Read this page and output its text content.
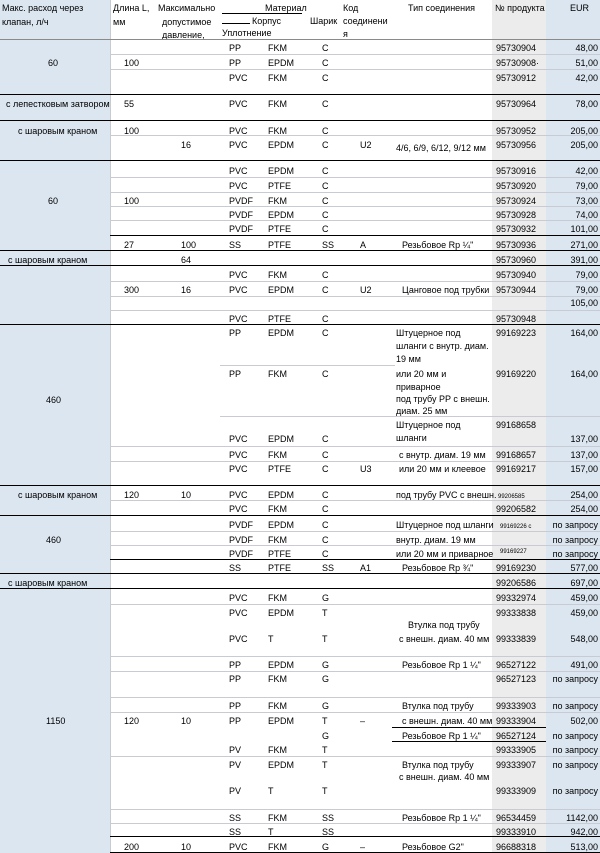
Макс. расход через
клапан, л/ч
Длина L,
мм
Максимально
допустимое
давление,
Материал
Корпус
Уплотнение
Шарик
Код
соединени
я
Тип соединения № продукта	EUR
60
с лепестковым затвором
с шаровым краном
60
с шаровым краном
460
с шаровым краном
460
с шаровым краном
1150
PP	FKM	C	95730904	48,00
100	PP	EPDM	C	95730908·	51,00
PVC FKM	C	95730912	42,00
55	PVC FKM	C	95730964	78,00
100	PVC FKM	C	95730952	205,00
16	PVC EPDM	C	U2	95730956	205,00
PVC EPDM	C	95730916	42,00
PVC PTFE	C	95730920	79,00
100	PVDF FKM	C	95730924	73,00
PVDF EPDM	C	95730928	74,00
PVDF PTFE	C	95730932	101,00
27	100	SS	PTFE	SS	A	95730936
Резьбовое Rp ¼"	271,00
64	95730960	391,00
PVC FKM	C	95730940	79,00
300	16	PVC EPDM	C	U2	95730944
Цанговое под трубки	79,00
PVC PTFE	C	95730948
PP	EPDM	C	99169223	164,00
PP	FKM	C	99169220	164,00
99168658
PVC EPDM	C	137,00
PVC FKM	C	99168657	137,00
PVC PTFE	C	U3	99169217	157,00
120	10	PVC EPDM	C	254,00
PVC FKM	C	99206582	254,00
PVDF EPDM	C	по запросу
PVDF FKM	C	по запросу
PVDF PTFE	C	по запросу
SS	PTFE	SS	A1	99169230
Резьбовое Rp ¾"	577,00
99206586	697,00
PVC FKM	G	99332974	459,00
PVC EPDM	T	99333838	459,00
PVC T	T	99333839	548,00
PP	EPDM	G	96527122
Резьбовое Rp 1 ¼"	491,00
PP	FKM	G	96527123	по запросу
PP	FKM	G	99333903
Втулка под трубу	по запросу
120	10	PP	EPDM	T	–	99333904
с внешн. диам. 40 мм	502,00
G	96527124
Резьбовое Rp 1 ¼"	по запросу
PV	FKM	T	99333905	по запросу
PV	EPDM	T	99333907
Втулка под трубу	по запросу
PV	T	T	99333909	по запросу
SS	FKM	SS	96534459
Резьбовое Rp 1 ¼"	1142,00
SS	T	SS	99333910	942,00
200	10	PVC FKM	G	–	96688318
Резьбовое G2"	513,00
4/6, 6/9, 6/12, 9/12 мм
105,00
Штуцерное под
шланги с внутр. диам.
19 мм
или 20 мм и
приварное
под трубу PP с внешн.
диам. 25 мм
Штуцерное под
шланги
с внутр. диам. 19 мм
или 20 мм и клеевое
под трубу PVC с внешн. 99206585
Штуцерное под шланги
внутр. диам. 19 мм
или 20 мм и приварное
99169226 с
99169227
Втулка под трубу
с внешн. диам. 40 мм
с внешн. диам. 40 мм
